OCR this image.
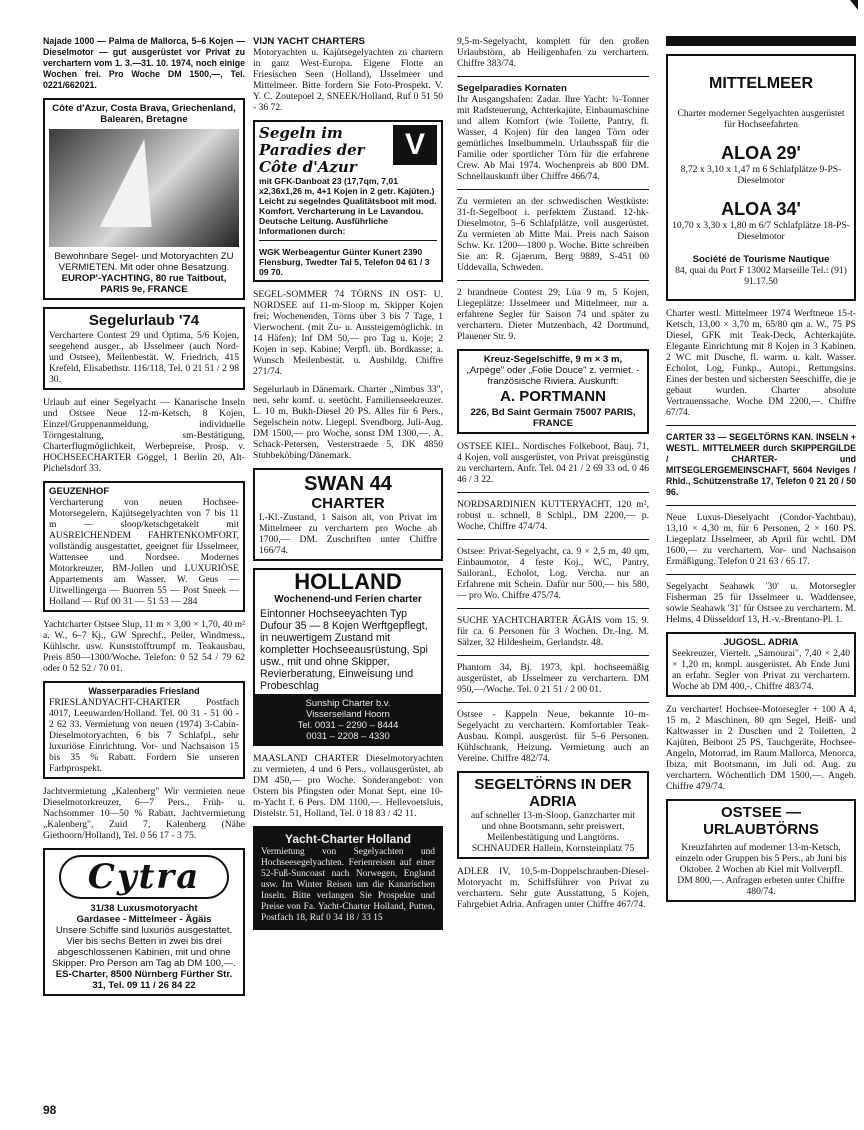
Najade 1000 — Palma de Mallorca, 5–6 Kojen — Dieselmotor — gut ausgerüstet vor Privat zu verchartern vom 1. 3.—31. 10. 1974, noch einige Wochen frei. Pro Woche DM 1500,—, Tel. 0221/662021.
Côte d'Azur, Costa Brava, Griechenland, Balearen, Bretagne
Bewohnbare Segel- und Motoryachten ZU VERMIETEN. Mit oder ohne Besatzung.
EUROP'-YACHTING, 80 rue Taitbout, PARIS 9e, FRANCE
Segelurlaub '74
Verchartere Contest 29 und Optima, 5/6 Kojen, seegehend ausger., ab IJsselmeer (auch Nord- und Ostsee), Meilenbestät. W. Friedrich, 415 Krefeld, Elisabethstr. 116/118, Tel. 0 21 51 / 2 98 30.
Urlaub auf einer Segelyacht — Kanarische Inseln und Ostsee Neue 12-m-Ketsch, 8 Kojen, Einzel/Gruppenanmeldung, individuelle Törngestaltung, sm-Bestätigung, Charterflugmöglichkeit, Werbepreise, Prosp. v. HOCHSEECHARTER Göggel, 1 Berlin 20, Alt-Pichelsdorf 33.
GEUZENHOF
Vercharterung von neuen Hochsee-Motorsegelern, Kajütsegelyachten von 7 bis 11 m — sloop/ketschgetakelt mit AUSREICHENDEM FAHRTENKOMFORT, vollständig ausgestattet, geeignet für IJsselmeer, Wattensee und Nordsee. Modernes Motorkreuzer, BM-Jollen und LUXURIÖSE Appartements am Wasser. W. Geus — Uitwellingerga — Buorren 55 — Post Sneek — Holland — Ruf 00 31 — 51 53 — 284
Yachtcharter Ostsee Slup, 11 m × 3,00 × 1,70, 40 m² a. W., 6–7 Kj., GW Sprechf., Peiler, Windmess., Kühlschr. usw. Kunststofftrumpf m. Teakausbau, Preis 850—1300/Woche. Telefon: 0 52 54 / 79 62 oder 0 52 52 / 70 01.
Wasserparadies Friesland
FRIESLANDYACHT-CHARTER Postfach 4017, Leeuwarden/Holland. Tel. 00 31 - 51 00 - 2 62 33. Vermietung von neuen (1974) 3-Cabin-Dieselmotoryachten, 6 bis 7 Schlafpl., sehr luxuriöse Einrichtung. Vor- und Nachsaison 15 bis 35 % Rabatt. Fordern Sie unseren Farbprospekt.
Jachtvermietung „Kalenberg" Wir vermieten neue Dieselmotorkreuzer, 6—7 Pers., Früh- u. Nachsommer 10—50 % Rabatt. Jachtvermietung „Kalenberg", Zuid 7, Kalenberg (Nähe Giethoorn/Holland), Tel. 0 56 17 - 3 75.
Cytra
31/38 Luxusmotoryacht
Gardasee - Mittelmeer - Ägäis
Unsere Schiffe sind luxuriös ausgestattet. Vier bis sechs Betten in zwei bis drei abgeschlossenen Kabinen, mit und ohne Skipper. Pro Person am Tag ab DM 100,—.
ES-Charter, 8500 Nürnberg Fürther Str. 31, Tel. 09 11 / 26 84 22
VIJN YACHT CHARTERS
Motoryachten u. Kajütsegelyachten zu chartern in ganz West-Europa. Eigene Flotte an Friesischen Seen (Holland), IJsselmeer und Mittelmeer. Bitte fordern Sie Foto-Prospekt. V. Y. C. Zoutepoel 2, SNEEK/Holland, Ruf 0 51 50 - 36 72.
V
Segeln im Paradies der Côte d'Azur
mit GFK-Danboat 23 (17,7qm, 7,01 x2,36x1,26 m, 4+1 Kojen in 2 getr. Kajüten.) Leicht zu segelndes Qualitätsboot mit mod. Komfort. Vercharterung in Le Lavandou. Deutsche Leitung. Ausführliche Informationen durch:
WGK Werbeagentur Günter Kunert 2390 Flensburg, Twedter Tal 5, Telefon 04 61 / 3 09 70.
SEGEL-SOMMER 74 TÖRNS IN OST- U. NORDSEE auf 11-m-Sloop m. Skipper Kojen frei; Wochenenden, Törns über 3 bis 7 Tage, 1 Vierwochent. (mit Zu- u. Aussteigemöglichk. in 14 Häfen); Inf DM 50,— pro Tag u. Koje; 2 Kojen in sep. Kabine; Verpfl. üb. Bordkasse; a. Wunsch Meilenbestät. u. Ausbildg. Chiffre 271/74.
Segelurlaub in Dänemark. Charter „Nimbus 33", neu, sehr komf. u. seetücht. Familienseekreuzer. L. 10 m, Bukh-Diesel 20 PS. Alles für 6 Pers., Segelschein notw. Liegepl. Svendborg. Juli-Aug. DM 1500,— pro Woche, sonst DM 1300,—. A. Schack-Petersen, Vesterstraede 5, DK 4850 Stubbeköbing/Dänemark.
SWAN 44
CHARTER
I.-Kl.-Zustand, 1 Saison alt, von Privat im Mittelmeer zu verchartern pro Woche ab 1700,— DM. Zuschriften unter Chiffre 166/74.
HOLLAND
Wochenend-und Ferien charter
Eintonner Hochseeyachten Typ Dufour 35 — 8 Kojen Werftgepflegt, in neuwertigem Zustand mit kompletter Hochseeausrüstung, Spi usw., mit und ohne Skipper, Revierberatung, Einweisung und Probeschlag
Sunship Charter b.v.
Visserseiland Hoorn
Tel. 0031 – 2290 – 8444
0031 – 2208 – 4330
MAASLAND CHARTER Dieselmotoryachten zu vermieten, 4 und 6 Pers., vollausgerüstet, ab DM 450,— pro Woche. Sonderangebot: von Ostern bis Pfingsten oder Monat Sept. eine 10-m-Yacht f. 6 Pers. DM 1100,—. Hellevoetsluis, Distelstr. 51, Holland, Tel. 0 18 83 / 42 11.
Yacht-Charter Holland
Vermietung von Segelyachten und Hochseesegelyachten. Ferienreisen auf einer 52-Fuß-Suncoast nach Norwegen, England usw. Im Winter Reisen um die Kanarischen Inseln. Bitte verlangen Sie Prospekte und Preise von Fa. Yacht-Charter Holland, Putten, Postfach 18, Ruf 0 34 18 / 33 15
9,5-m-Segelyacht, komplett für den großen Urlaubstörn, ab Heiligenhafen zu verchartern. Chiffre 383/74.
Segelparadies Kornaten
Ihr Ausgangshafen: Zadar. Ihre Yacht: ¾-Tonner mit Radsteuerung, Achterkajüte, Einbaumaschine und allem Komfort (wie Toilette, Pantry, fl. Wasser, 4 Kojen) für den langen Törn oder gemütliches Inselbummeln. Urlaubsspaß für die Familie oder sportlicher Törn für die erfahrene Crew. Ab Mai 1974. Wochenpreis ab 800 DM. Schnellauskunft über Chiffre 466/74.
Zu vermieten an der schwedischen Westküste: 31-ft-Segelboot i. perfektem Zustand. 12-hk-Dieselmotor, 5–6 Schlafplätze, voll ausgerüstet. Zu vermieten ab Mitte Mai. Preis nach Saison Schw. Kr. 1200—1800 p. Woche. Bitte schreiben Sie an: R. Gjaerum, Berg 9889, S-451 00 Uddevalla, Schweden.
2 brandneue Contest 29, Lüa 9 m, 5 Kojen, Liegeplätze: IJsselmeer und Mittelmeer, nur a. erfahrene Segler für Saison 74 und später zu verchartern. Dieter Mutzenbach, 42 Dortmund, Plauener Str. 9.
Kreuz-Segelschiffe, 9 m × 3 m,
„Arpège" oder „Folie Douce" z. vermiet. - französische Riviera. Auskunft:
A. PORTMANN
226, Bd Saint Germain 75007 PARIS, FRANCE
OSTSEE KIEL. Nordisches Folkeboot, Bauj. 71, 4 Kojen, voll ausgerüstet, von Privat preisgünstig zu verchartern. Anfr. Tel. 04 21 / 2 69 33 od. 0 46 46 / 3 22.
NORDSARDINIEN KUTTERYACHT, 120 m², robust u. schnell, 8 Schlpl., DM 2200,— p. Woche. Chiffre 474/74.
Ostsee: Privat-Segelyacht, ca. 9 × 2,5 m, 40 qm, Einbaumotor, 4 feste Koj., WC, Pantry, Sailoranl., Echolot, Log. Vercha. nur an Erfahrene mit Schein. Dafür nur 500,— bis 580,— pro Wo. Chiffre 475/74.
SUCHE YACHTCHARTER ÄGÄIS vom 15. 9. für ca. 6 Personen für 3 Wochen. Dr.-Ing. M. Sälzer, 32 Hildesheim, Gerlandstr. 48.
Phantom 34, Bj. 1973, kpl. hochseemäßig ausgerüstet, ab IJsselmeer zu verchartern. DM 950,—/Woche. Tel. 0 21 51 / 2 00 01.
Ostsee - Kappeln Neue, bekannte 10–m-Segelyacht zu verchartern. Komfortabler Teak-Ausbau. Kompl. ausgerüst. für 5–6 Personen. Kühlschrank, Heizung. Vermietung auch an Vereine. Chiffre 482/74.
SEGELTÖRNS IN DER ADRIA
auf schneller 13-m-Sloop. Ganzcharter mit und ohne Bootsmann, sehr preiswert, Meilenbestätigung und Langtörns. SCHNAUDER Hallein, Kornsteinplatz 75
ADLER IV, 10,5-m-Doppelschrauben-Diesel-Motoryacht m. Schiffsführer von Privat zu verchartern. Sehr gute Ausstattung, 5 Kojen, Fahrgebiet Adria. Anfragen unter Chiffre 467/74.
MITTELMEER
Charter moderner Segelyachten ausgerüstet für Hochseefahrten
ALOA 29'
8,72 x 3,10 x 1,47 m 6 Schlafplätze 9-PS-Dieselmotor
ALOA 34'
10,70 x 3,30 x 1,80 m 6/7 Schlafplätze 18-PS-Dieselmotor
Société de Tourisme Nautique
84, quai du Port F 13002 Marseille Tel.: (91) 91.17.50
Charter westl. Mittelmeer 1974 Werftneue 15-t-Ketsch, 13,00 × 3,70 m, 65/80 qm a. W., 75 PS Diesel, GFK mit Teak-Deck, Achterkajüte. Elegante Einrichtung mit 8 Kojen in 3 Kabinen. 2 WC mit Dusche, fl. warm. u. kalt. Wasser. Echolot, Log, Funkp., Autopi., Rettungsins. Eines der besten und sichersten Seeschiffe, die je gebaut wurden. Charter absolute Vertrauenssache. Woche DM 2200,—. Chiffre 67/74.
CARTER 33 — SEGELTÖRNS KAN. INSELN + WESTL. MITTELMEER durch SKIPPERGILDE / CHARTER- und MITSEGLERGEMEINSCHAFT, 5604 Neviges / Rhld., Schützenstraße 17, Telefon 0 21 20 / 50 96.
Neue Luxus-Dieselyacht (Condor-Yachtbau), 13,10 × 4,30 m, für 6 Personen, 2 × 160 PS. Liegeplatz IJsselmeer, ab April für wchtl. DM 1600,— zu verchartern. Vor- und Nachsaison Ermäßigung. Telefon 0 21 63 / 65 17.
Segelyacht Seahawk '30' u. Motorsegler Fisherman 25 für IJsselmeer u. Waddensee, sowie Seahawk '31' für Ostsee zu verchartern. M. Helms, 4 Düsseldorf 13, H.-v.-Brentano-Pl. 1.
JUGOSL. ADRIA
Seekreuzer, Viertelt. „Samourai", 7,40 × 2,40 × 1,20 m, kompl. ausgerüstet. Ab Ende Juni an erfahr. Segler von Privat zu verchartern. Woche ab DM 400,-. Chiffre 483/74.
Zu vercharter! Hochsee-Motorsegler + 100 A 4, 15 m, 2 Maschinen, 80 qm Segel, Heiß- und Kaltwasser in 2 Duschen und 2 Toiletten, 2 Kajüten, Beiboot 25 PS, Tauchgeräte, Hochsee-Angeln, Motorrad, im Raum Mallorca, Menorca, Ibiza, mit Bootsmann, im Juli od. Aug. zu verchartern. Wöchentlich DM 1500,—. Angeb. Chiffre 479/74.
OSTSEE — URLAUBTÖRNS
Kreuzfahrten auf moderner 13-m-Ketsch, einzeln oder Gruppen bis 5 Pers., ab Juni bis Oktober. 2 Wochen ab Kiel mit Vollverpfl. DM 800,—. Anfragen erbeten unter Chiffre 480/74.
98
